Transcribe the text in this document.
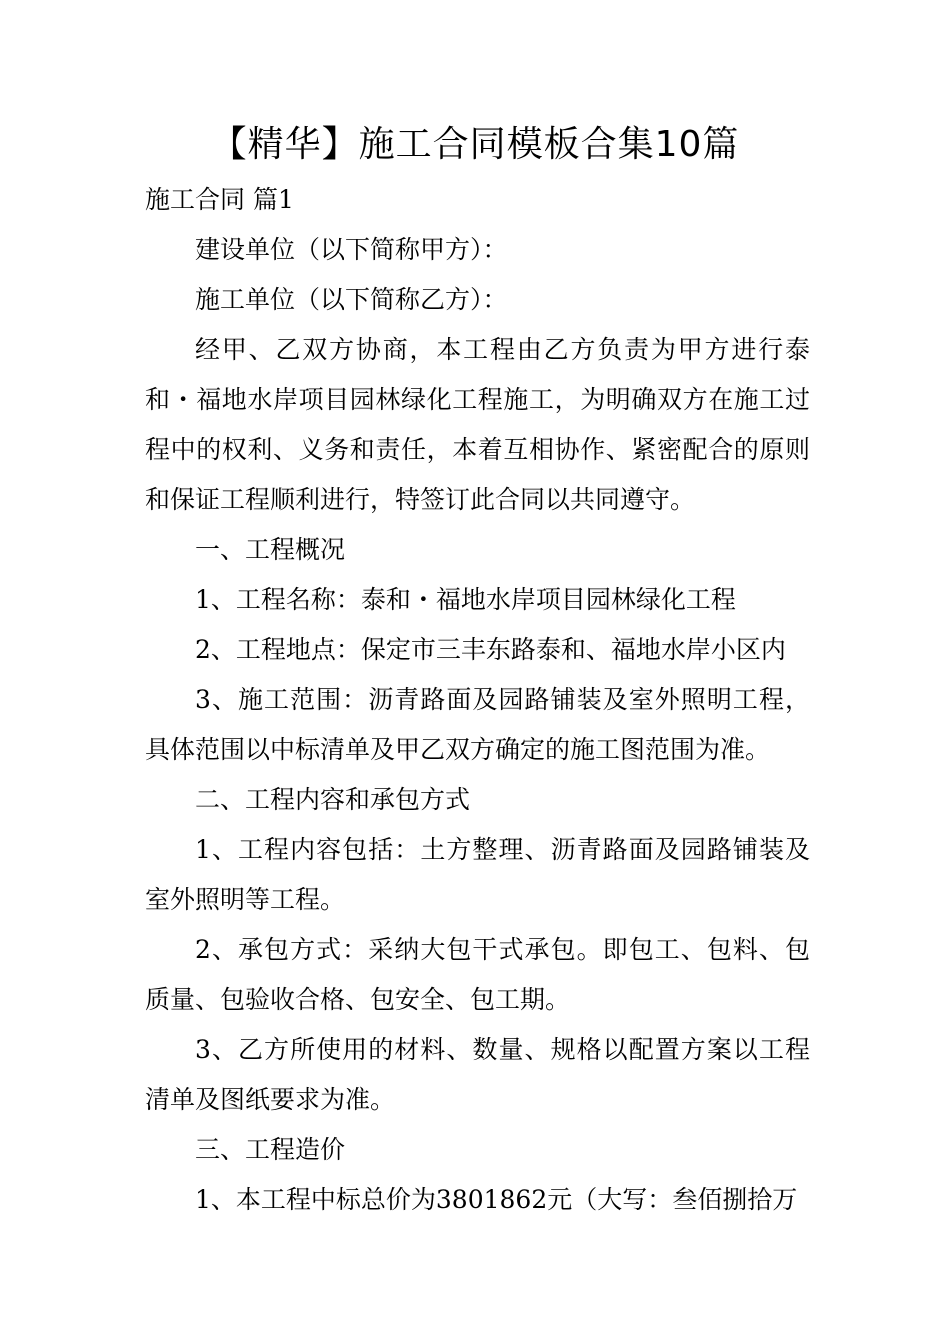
【精华】施工合同模板合集10篇

施工合同 篇1

建设单位（以下简称甲方）：

施工单位（以下简称乙方）：

经甲、乙双方协商，本工程由乙方负责为甲方进行泰和・福地水岸项目园林绿化工程施工，为明确双方在施工过程中的权利、义务和责任，本着互相协作、紧密配合的原则和保证工程顺利进行，特签订此合同以共同遵守。

一、工程概况

1、工程名称：泰和・福地水岸项目园林绿化工程

2、工程地点：保定市三丰东路泰和、福地水岸小区内

3、施工范围：沥青路面及园路铺装及室外照明工程，具体范围以中标清单及甲乙双方确定的施工图范围为准。

二、工程内容和承包方式

1、工程内容包括：土方整理、沥青路面及园路铺装及室外照明等工程。

2、承包方式：采纳大包干式承包。即包工、包料、包质量、包验收合格、包安全、包工期。

3、乙方所使用的材料、数量、规格以配置方案以工程清单及图纸要求为准。

三、工程造价

1、本工程中标总价为3801862元（大写：叁佰捌拾万
